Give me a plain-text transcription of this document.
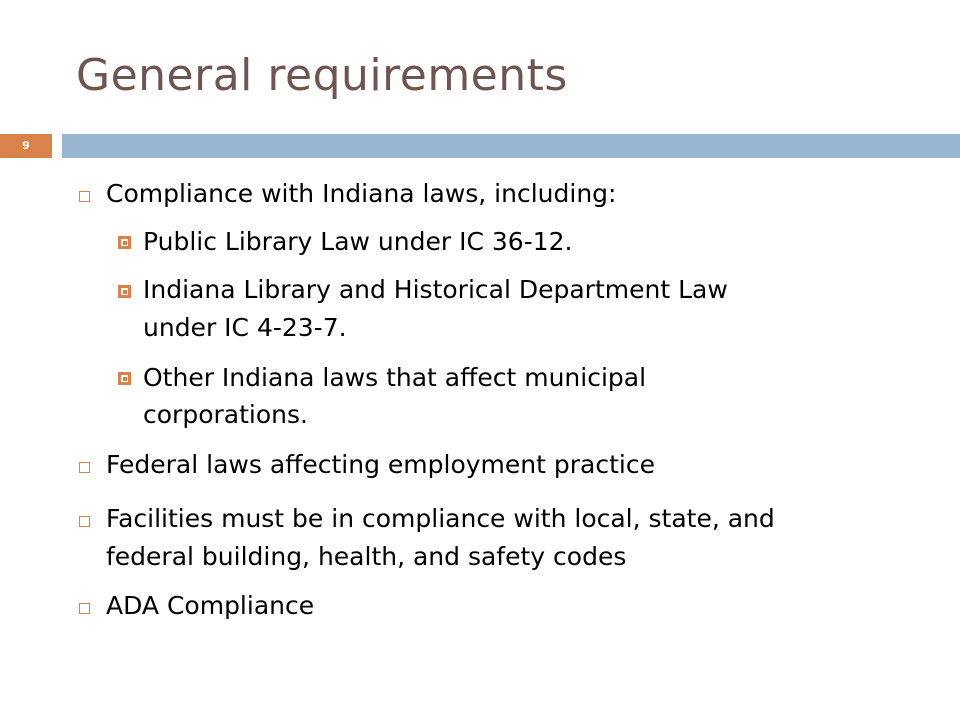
General requirements
9
Compliance with Indiana laws, including:
Public Library Law under IC 36-12.
Indiana Library and Historical Department Law
under IC 4-23-7.
Other Indiana laws that affect municipal
corporations.
Federal laws affecting employment practice
Facilities must be in compliance with local, state, and
federal building, health, and safety codes
ADA Compliance
